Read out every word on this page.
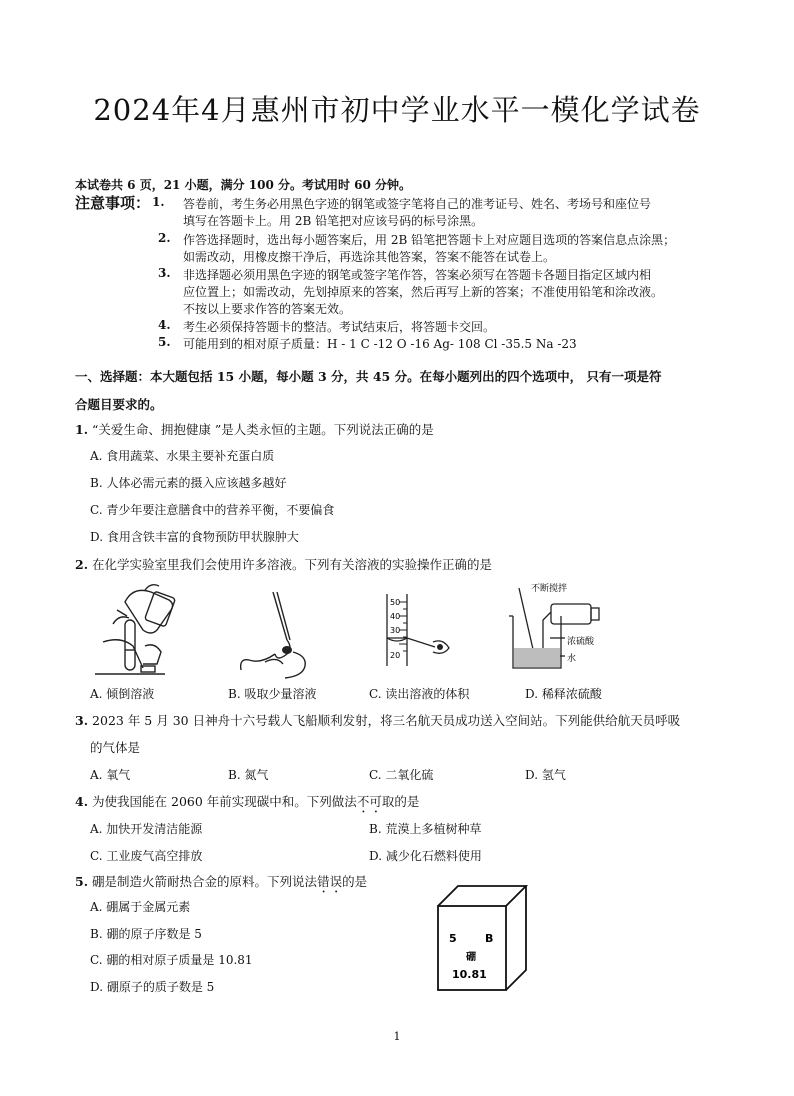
2024年4月惠州市初中学业水平一模化学试卷
本试卷共 6 页，21 小题，满分 100 分。考试用时 60 分钟。
注意事项： 1. 答卷前，考生务必用黑色字迹的钢笔或签字笔将自己的准考证号、姓名、考场号和座位号
填写在答题卡上。用 2B 铅笔把对应该号码的标号涂黑。
2. 作答选择题时，选出每小题答案后，用 2B 铅笔把答题卡上对应题目选项的答案信息点涂黑；
如需改动，用橡皮擦干净后，再选涂其他答案，答案不能答在试卷上。
3. 非选择题必须用黑色字迹的钢笔或签字笔作答，答案必须写在答题卡各题目指定区域内相
应位置上；如需改动，先划掉原来的答案，然后再写上新的答案；不准使用铅笔和涂改液。
不按以上要求作答的答案无效。
4. 考生必须保持答题卡的整洁。考试结束后，将答题卡交回。
5. 可能用到的相对原子质量：H - 1 C -12 O -16 Ag- 108 Cl -35.5 Na -23
一、选择题：本大题包括 15 小题，每小题 3 分，共 45 分。在每小题列出的四个选项中， 只有一项是符
合题目要求的。
1. “关爱生命、拥抱健康 ”是人类永恒的主题。下列说法正确的是
A. 食用蔬菜、水果主要补充蛋白质
B. 人体必需元素的摄入应该越多越好
C. 青少年要注意膳食中的营养平衡，不要偏食
D. 食用含铁丰富的食物预防甲状腺肿大
2. 在化学实验室里我们会使用许多溶液。下列有关溶液的实验操作正确的是
50
40
30
20
不断搅拌
浓硫酸
水
A. 倾倒溶液	B. 吸取少量溶液	C. 读出溶液的体积	D. 稀释浓硫酸
3. 2023 年 5 月 30 日神舟十六号载人飞船顺利发射，将三名航天员成功送入空间站。下列能供给航天员呼吸
的气体是
A. 氧气	B. 氮气	C. 二氧化硫	D. 氢气
4. 为使我国能在 2060 年前实现碳中和。下列做法不可取的是
A. 加快开发清洁能源	B. 荒漠上多植树种草
C. 工业废气高空排放	D. 减少化石燃料使用
5. 硼是制造火箭耐热合金的原料。下列说法错误的是
A. 硼属于金属元素
B. 硼的原子序数是 5
C. 硼的相对原子质量是 10.81
D. 硼原子的质子数是 5
5	B
硼
10.81
1
